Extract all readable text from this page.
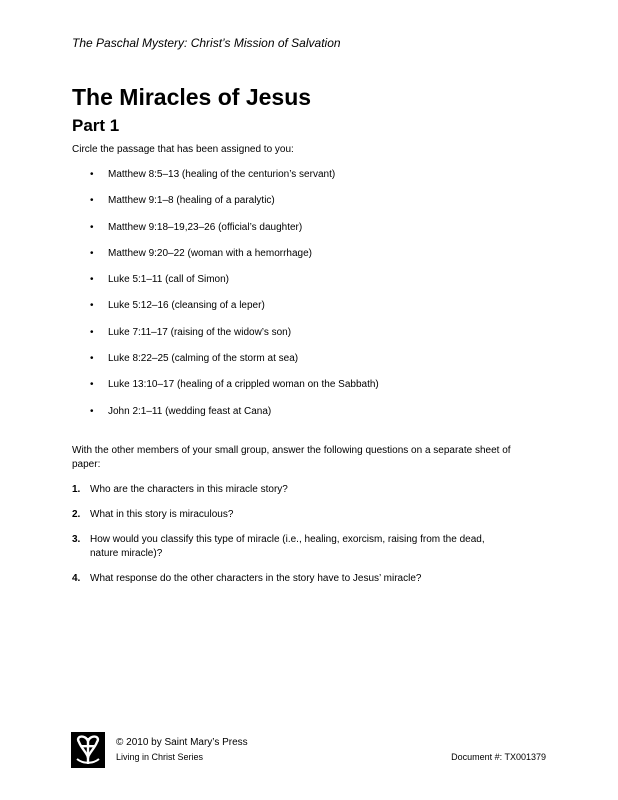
The Paschal Mystery: Christ’s Mission of Salvation
The Miracles of Jesus
Part 1
Circle the passage that has been assigned to you:
• Matthew 8:5–13 (healing of the centurion’s servant)
• Matthew 9:1–8 (healing of a paralytic)
• Matthew 9:18–19,23–26 (official’s daughter)
• Matthew 9:20–22 (woman with a hemorrhage)
• Luke 5:1–11 (call of Simon)
• Luke 5:12–16 (cleansing of a leper)
• Luke 7:11–17 (raising of the widow’s son)
• Luke 8:22–25 (calming of the storm at sea)
• Luke 13:10–17 (healing of a crippled woman on the Sabbath)
• John 2:1–11 (wedding feast at Cana)
With the other members of your small group, answer the following questions on a separate sheet of paper:
1. Who are the characters in this miracle story?
2. What in this story is miraculous?
3. How would you classify this type of miracle (i.e., healing, exorcism, raising from the dead, nature miracle)?
4. What response do the other characters in the story have to Jesus’ miracle?
© 2010 by Saint Mary’s Press
Living in Christ Series	Document #: TX001379
